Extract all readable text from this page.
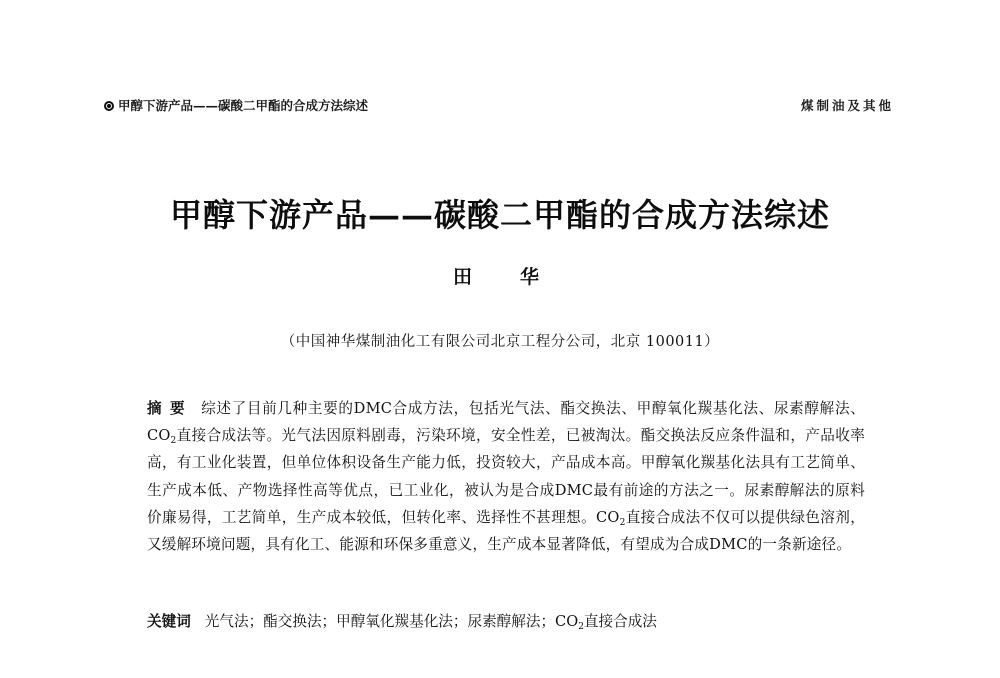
甲醇下游产品——碳酸二甲酯的合成方法综述	煤制油及其他
甲醇下游产品——碳酸二甲酯的合成方法综述
田华
（中国神华煤制油化工有限公司北京工程分公司，北京 100011）
摘要 综述了目前几种主要的DMC合成方法，包括光气法、酯交换法、甲醇氧化羰基化法、尿素醇解法、$CO_2$直接合成法等。光气法因原料剧毒，污染环境，安全性差，已被淘汰。酯交换法反应条件温和，产品收率高，有工业化装置，但单位体积设备生产能力低，投资较大，产品成本高。甲醇氧化羰基化法具有工艺简单、生产成本低、产物选择性高等优点，已工业化，被认为是合成DMC最有前途的方法之一。尿素醇解法的原料价廉易得，工艺简单，生产成本较低，但转化率、选择性不甚理想。$CO_2$直接合成法不仅可以提供绿色溶剂，又缓解环境问题，具有化工、能源和环保多重意义，生产成本显著降低，有望成为合成DMC的一条新途径。
关键词 光气法；酯交换法；甲醇氧化羰基化法；尿素醇解法；$CO_2$直接合成法
